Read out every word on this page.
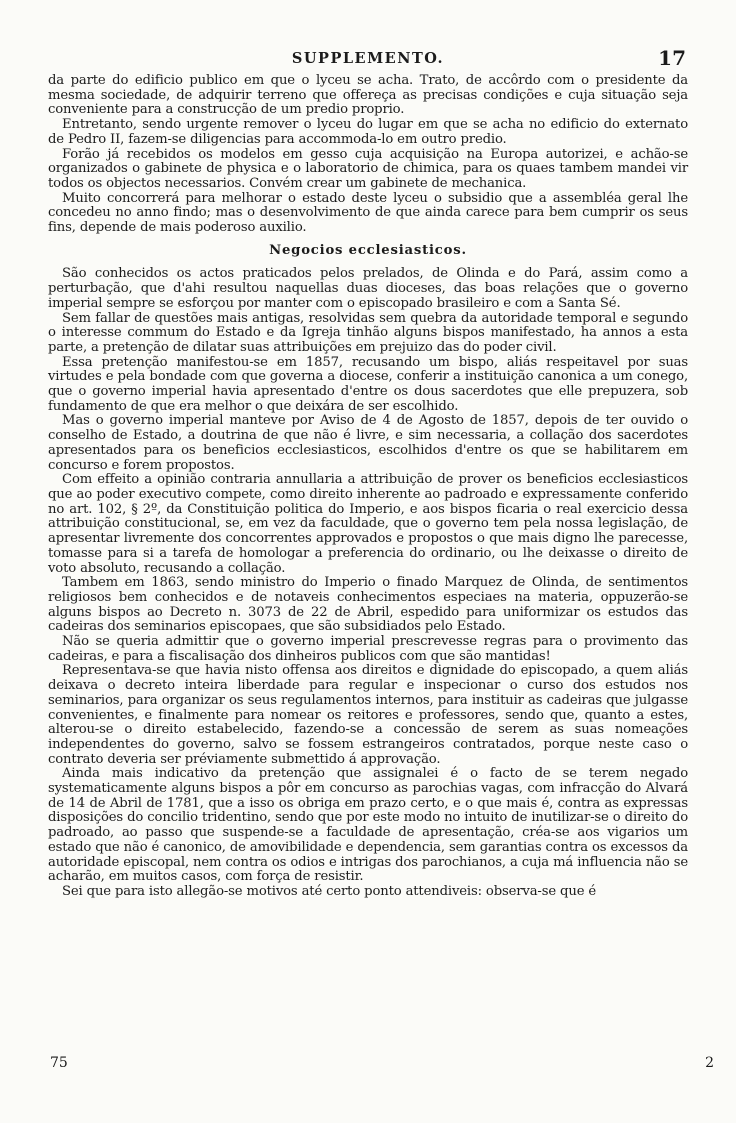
SUPPLEMENTO.	17

da parte do edificio publico em que o lyceu se acha. Trato, de accôrdo com o presidente da mesma sociedade, de adquirir terreno que offereça as precisas condições e cuja situação seja conveniente para a construcção de um predio proprio.

Entretanto, sendo urgente remover o lyceu do lugar em que se acha no edificio do externato de Pedro II, fazem-se diligencias para accommoda-lo em outro predio.

Forão já recebidos os modelos em gesso cuja acquisição na Europa autorizei, e achão-se organizados o gabinete de physica e o laboratorio de chimica, para os quaes tambem mandei vir todos os objectos necessarios. Convém crear um gabinete de mechanica.

Muito concorrerá para melhorar o estado deste lyceu o subsidio que a assembléa geral lhe concedeu no anno findo; mas o desenvolvimento de que ainda carece para bem cumprir os seus fins, depende de mais poderoso auxilio.

Negocios ecclesiasticos.

São conhecidos os actos praticados pelos prelados, de Olinda e do Pará, assim como a perturbação, que d'ahi resultou naquellas duas dioceses, das boas relações que o governo imperial sempre se esforçou por manter com o episcopado brasileiro e com a Santa Sé.

Sem fallar de questões mais antigas, resolvidas sem quebra da autoridade temporal e segundo o interesse commum do Estado e da Igreja tinhão alguns bispos manifestado, ha annos a esta parte, a pretenção de dilatar suas attribuições em prejuizo das do poder civil.

Essa pretenção manifestou-se em 1857, recusando um bispo, aliás respeitavel por suas virtudes e pela bondade com que governa a diocese, conferir a instituição canonica a um conego, que o governo imperial havia apresentado d'entre os dous sacerdotes que elle prepuzera, sob fundamento de que era melhor o que deixára de ser escolhido.

Mas o governo imperial manteve por Aviso de 4 de Agosto de 1857, depois de ter ouvido o conselho de Estado, a doutrina de que não é livre, e sim necessaria, a collação dos sacerdotes apresentados para os beneficios ecclesiasticos, escolhidos d'entre os que se habilitarem em concurso e forem propostos.

Com effeito a opinião contraria annullaria a attribuição de prover os beneficios ecclesiasticos que ao poder executivo compete, como direito inherente ao padroado e expressamente conferido no art. 102, § 2º, da Constituição politica do Imperio, e aos bispos ficaria o real exercicio dessa attribuição constitucional, se, em vez da faculdade, que o governo tem pela nossa legislação, de apresentar livremente dos concorrentes approvados e propostos o que mais digno lhe parecesse, tomasse para si a tarefa de homologar a preferencia do ordinario, ou lhe deixasse o direito de voto absoluto, recusando a collação.

Tambem em 1863, sendo ministro do Imperio o finado Marquez de Olinda, de sentimentos religiosos bem conhecidos e de notaveis conhecimentos especiaes na materia, oppuzerão-se alguns bispos ao Decreto n. 3073 de 22 de Abril, espedido para uniformizar os estudos das cadeiras dos seminarios episcopaes, que são subsidiados pelo Estado.

Não se queria admittir que o governo imperial prescrevesse regras para o provimento das cadeiras, e para a fiscalisação dos dinheiros publicos com que são mantidas!

Representava-se que havia nisto offensa aos direitos e dignidade do episcopado, a quem aliás deixava o decreto inteira liberdade para regular e inspecionar o curso dos estudos nos seminarios, para organizar os seus regulamentos internos, para instituir as cadeiras que julgasse convenientes, e finalmente para nomear os reitores e professores, sendo que, quanto a estes, alterou-se o direito estabelecido, fazendo-se a concessão de serem as suas nomeações independentes do governo, salvo se fossem estrangeiros contratados, porque neste caso o contrato deveria ser préviamente submettido á approvação.

Ainda mais indicativo da pretenção que assignalei é o facto de se terem negado systematicamente alguns bispos a pôr em concurso as parochias vagas, com infracção do Alvará de 14 de Abril de 1781, que a isso os obriga em prazo certo, e o que mais é, contra as expressas disposições do concilio tridentino, sendo que por este modo no intuito de inutilizar-se o direito do padroado, ao passo que suspende-se a faculdade de apresentação, créa-se aos vigarios um estado que não é canonico, de amovibilidade e dependencia, sem garantias contra os excessos da autoridade episcopal, nem contra os odios e intrigas dos parochianos, a cuja má influencia não se acharão, em muitos casos, com força de resistir.

Sei que para isto allegão-se motivos até certo ponto attendiveis: observa-se que é

75	2
